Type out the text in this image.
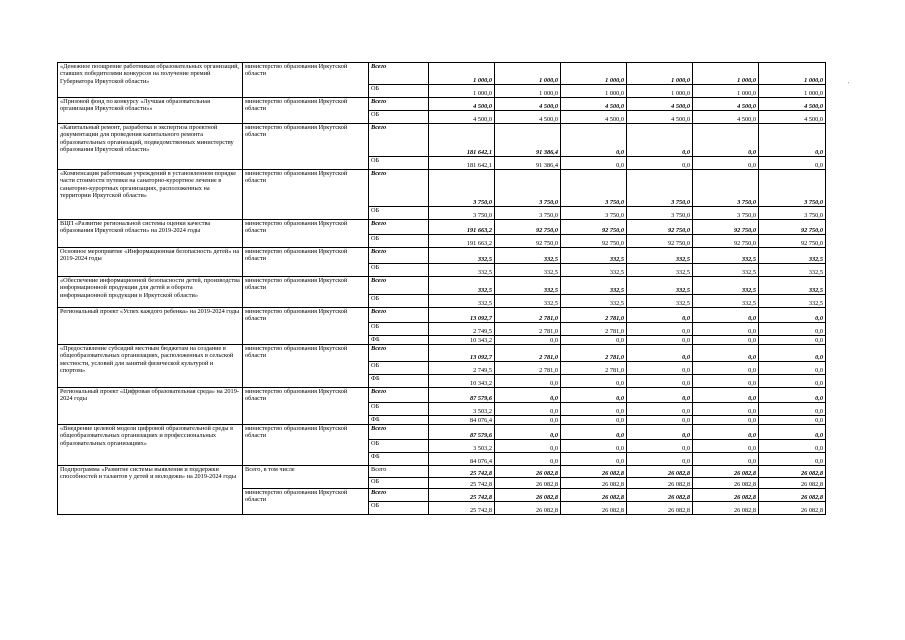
'
«Денежное поощрение работникам образовательных организаций, ставших победителями конкурсов на получение премий Губернатора Иркутской области»	министерство образования Иркутской области	Всего	1 000,0	1 000,0	1 000,0	1 000,0	1 000,0	1 000,0
		ОБ	1 000,0	1 000,0	1 000,0	1 000,0	1 000,0	1 000,0
«Призовой фонд по конкурсу «Лучшая образовательная организация Иркутской области»»	министерство образования Иркутской области	Всего	4 500,0	4 500,0	4 500,0	4 500,0	4 500,0	4 500,0
		ОБ	4 500,0	4 500,0	4 500,0	4 500,0	4 500,0	4 500,0
«Капитальный ремонт, разработка и экспертиза проектной документации для проведения капитального ремонта образовательных организаций, подведомственных министерству образования Иркутской области»	министерство образования Иркутской области	Всего	181 642,1	91 386,4	0,0	0,0	0,0	0,0
		ОБ	181 642,1	91 386,4	0,0	0,0	0,0	0,0
«Компенсация работникам учреждений в установленном порядке части стоимости путевки на санаторно-курортное лечение в санаторно-курортных организациях, расположенных на территории Иркутской области»	министерство образования Иркутской области	Всего	3 750,0	3 750,0	3 750,0	3 750,0	3 750,0	3 750,0
		ОБ	3 750,0	3 750,0	3 750,0	3 750,0	3 750,0	3 750,0
ВЦП «Развитие региональной системы оценки качества образования Иркутской области» на 2019-2024 годы	министерство образования Иркутской области	Всего	191 663,2	92 750,0	92 750,0	92 750,0	92 750,0	92 750,0
		ОБ	191 663,2	92 750,0	92 750,0	92 750,0	92 750,0	92 750,0
Основное мероприятие «Информационная безопасность детей» на 2019-2024 годы	министерство образования Иркутской области	Всего	332,5	332,5	332,5	332,5	332,5	332,5
		ОБ	332,5	332,5	332,5	332,5	332,5	332,5
«Обеспечение информационной безопасности детей, производства информационной продукции для детей и оборота информационной продукции в Иркутской области»	министерство образования Иркутской области	Всего	332,5	332,5	332,5	332,5	332,5	332,5
		ОБ	332,5	332,5	332,5	332,5	332,5	332,5
Региональный проект «Успех каждого ребенка» на 2019-2024 годы	министерство образования Иркутской области	Всего	13 092,7	2 781,0	2 781,0	0,0	0,0	0,0
		ОБ	2 749,5	2 781,0	2 781,0	0,0	0,0	0,0
		ФБ	10 343,2	0,0	0,0	0,0	0,0	0,0
«Предоставление субсидий местным бюджетам на создание в общеобразовательных организациях, расположенных в сельской местности, условий для занятий физической культурой и спортом»	министерство образования Иркутской области	Всего	13 092,7	2 781,0	2 781,0	0,0	0,0	0,0
		ОБ	2 749,5	2 781,0	2 781,0	0,0	0,0	0,0
		ФБ	10 343,2	0,0	0,0	0,0	0,0	0,0
Региональный проект «Цифровая образовательная среда» на 2019-2024 годы	министерство образования Иркутской области	Всего	87 579,6	0,0	0,0	0,0	0,0	0,0
		ОБ	3 503,2	0,0	0,0	0,0	0,0	0,0
		ФБ	84 076,4	0,0	0,0	0,0	0,0	0,0
«Внедрение целевой модели цифровой образовательной среды в общеобразовательных организациях и профессиональных образовательных организациях»	министерство образования Иркутской области	Всего	87 579,6	0,0	0,0	0,0	0,0	0,0
		ОБ	3 503,2	0,0	0,0	0,0	0,0	0,0
		ФБ	84 076,4	0,0	0,0	0,0	0,0	0,0
Подпрограмма «Развитие системы выявления и поддержки способностей и талантов у детей и молодежи» на 2019-2024 годы	Всего, в том числе	Всего	25 742,8	26 082,8	26 082,8	26 082,8	26 082,8	26 082,8
		ОБ	25 742,8	26 082,8	26 082,8	26 082,8	26 082,8	26 082,8
	министерство образования Иркутской области	Всего	25 742,8	26 082,8	26 082,8	26 082,8	26 082,8	26 082,8
		ОБ	25 742,8	26 082,8	26 082,8	26 082,8	26 082,8	26 082,8
